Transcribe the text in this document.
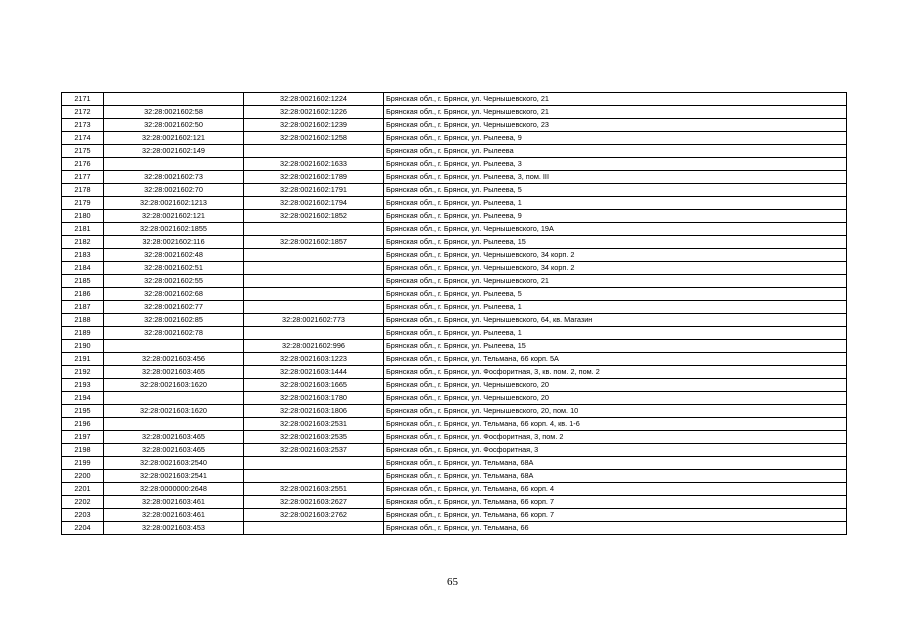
2171		32:28:0021602:1224	Брянская обл., г. Брянск, ул. Чернышевского, 21
2172	32:28:0021602:58	32:28:0021602:1226	Брянская обл., г. Брянск, ул. Чернышевского, 21
2173	32:28:0021602:50	32:28:0021602:1239	Брянская обл., г. Брянск, ул. Чернышевского, 23
2174	32:28:0021602:121	32:28:0021602:1258	Брянская обл., г. Брянск, ул. Рылеева, 9
2175	32:28:0021602:149		Брянская обл., г. Брянск, ул. Рылеева
2176		32:28:0021602:1633	Брянская обл., г. Брянск, ул. Рылеева, 3
2177	32:28:0021602:73	32:28:0021602:1789	Брянская обл., г. Брянск, ул. Рылеева, 3, пом. III
2178	32:28:0021602:70	32:28:0021602:1791	Брянская обл., г. Брянск, ул. Рылеева, 5
2179	32:28:0021602:1213	32:28:0021602:1794	Брянская обл., г. Брянск, ул. Рылеева, 1
2180	32:28:0021602:121	32:28:0021602:1852	Брянская обл., г. Брянск, ул. Рылеева, 9
2181	32:28:0021602:1855		Брянская обл., г. Брянск, ул. Чернышевского, 19А
2182	32:28:0021602:116	32:28:0021602:1857	Брянская обл., г. Брянск, ул. Рылеева, 15
2183	32:28:0021602:48		Брянская обл., г. Брянск, ул. Чернышевского, 34 корп. 2
2184	32:28:0021602:51		Брянская обл., г. Брянск, ул. Чернышевского, 34 корп. 2
2185	32:28:0021602:55		Брянская обл., г. Брянск, ул. Чернышевского, 21
2186	32:28:0021602:68		Брянская обл., г. Брянск, ул. Рылеева, 5
2187	32:28:0021602:77		Брянская обл., г. Брянск, ул. Рылеева, 1
2188	32:28:0021602:85	32:28:0021602:773	Брянская обл., г. Брянск, ул. Чернышевского, 64, кв. Магазин
2189	32:28:0021602:78		Брянская обл., г. Брянск, ул. Рылеева, 1
2190		32:28:0021602:996	Брянская обл., г. Брянск, ул. Рылеева, 15
2191	32:28:0021603:456	32:28:0021603:1223	Брянская обл., г. Брянск, ул. Тельмана, 66 корп. 5А
2192	32:28:0021603:465	32:28:0021603:1444	Брянская обл., г. Брянск, ул. Фосфоритная, 3, кв. пом. 2, пом. 2
2193	32:28:0021603:1620	32:28:0021603:1665	Брянская обл., г. Брянск, ул. Чернышевского, 20
2194		32:28:0021603:1780	Брянская обл., г. Брянск, ул. Чернышевского, 20
2195	32:28:0021603:1620	32:28:0021603:1806	Брянская обл., г. Брянск, ул. Чернышевского, 20, пом. 10
2196		32:28:0021603:2531	Брянская обл., г. Брянск, ул. Тельмана, 66 корп. 4, кв. 1-6
2197	32:28:0021603:465	32:28:0021603:2535	Брянская обл., г. Брянск, ул. Фосфоритная, 3, пом. 2
2198	32:28:0021603:465	32:28:0021603:2537	Брянская обл., г. Брянск, ул. Фосфоритная, 3
2199	32:28:0021603:2540		Брянская обл., г. Брянск, ул. Тельмана, 68А
2200	32:28:0021603:2541		Брянская обл., г. Брянск, ул. Тельмана, 68А
2201	32:28:0000000:2648	32:28:0021603:2551	Брянская обл., г. Брянск, ул. Тельмана, 66 корп. 4
2202	32:28:0021603:461	32:28:0021603:2627	Брянская обл., г. Брянск, ул. Тельмана, 66 корп. 7
2203	32:28:0021603:461	32:28:0021603:2762	Брянская обл., г. Брянск, ул. Тельмана, 66 корп. 7
2204	32:28:0021603:453		Брянская обл., г. Брянск, ул. Тельмана, 66
65
